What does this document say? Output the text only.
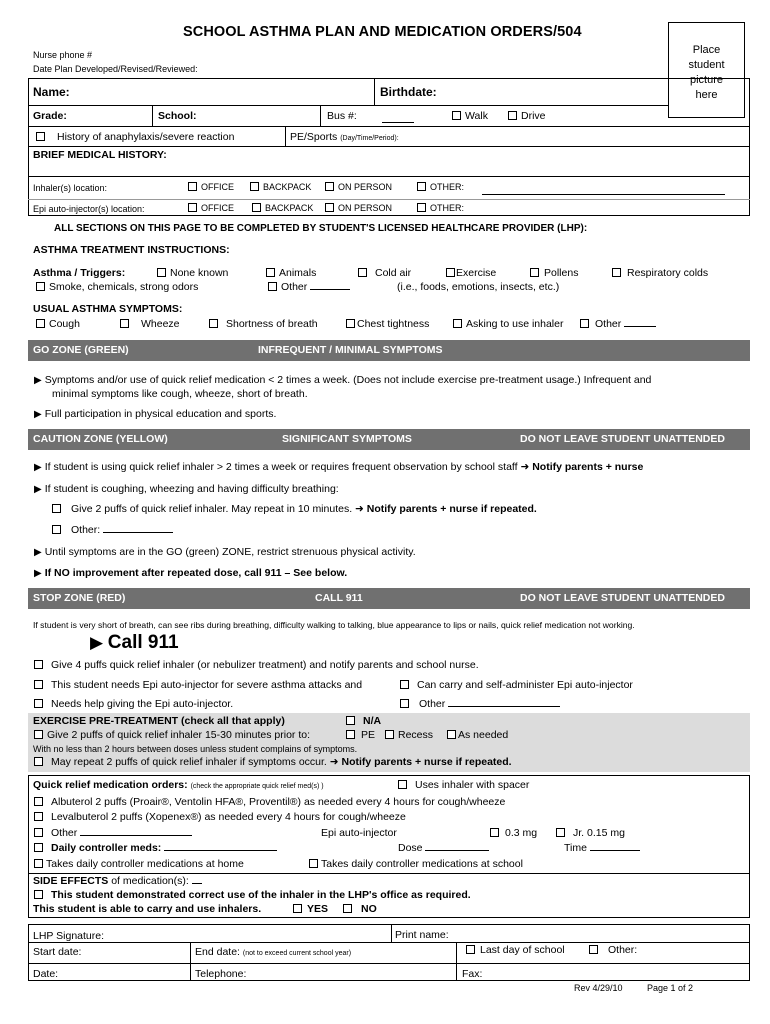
SCHOOL ASTHMA PLAN AND MEDICATION ORDERS/504
Place student picture here
Nurse phone #
Date Plan Developed/Revised/Reviewed:
Name:	Birthdate:
Grade:	School:	Bus #:	Walk	Drive
History of anaphylaxis/severe reaction	PE/Sports (Day/Time/Period):
BRIEF MEDICAL HISTORY:
Inhaler(s) location:	OFFICE	BACKPACK	ON PERSON	OTHER:
Epi auto-injector(s) location:	OFFICE	BACKPACK	ON PERSON	OTHER:
ALL SECTIONS ON THIS PAGE TO BE COMPLETED BY STUDENT'S LICENSED HEALTHCARE PROVIDER (LHP):
ASTHMA TREATMENT INSTRUCTIONS:
Asthma / Triggers:	None known	Animals	Cold air	Exercise	Pollens	Respiratory colds
Smoke, chemicals, strong odors	Other	(i.e., foods, emotions, insects, etc.)
USUAL ASTHMA SYMPTOMS:
Cough	Wheeze	Shortness of breath	Chest tightness	Asking to use inhaler	Other
GO ZONE (GREEN)	INFREQUENT / MINIMAL SYMPTOMS
▶ Symptoms and/or use of quick relief medication < 2 times a week. (Does not include exercise pre-treatment usage.) Infrequent and
minimal symptoms like cough, wheeze, short of breath.
▶ Full participation in physical education and sports.
CAUTION ZONE (YELLOW)	SIGNIFICANT SYMPTOMS	DO NOT LEAVE STUDENT UNATTENDED
▶ If student is using quick relief inhaler > 2 times a week or requires frequent observation by school staff ➜ Notify parents + nurse
▶ If student is coughing, wheezing and having difficulty breathing:
Give 2 puffs of quick relief inhaler. May repeat in 10 minutes. ➜ Notify parents + nurse if repeated.
Other:
▶ Until symptoms are in the GO (green) ZONE, restrict strenuous physical activity.
▶ If NO improvement after repeated dose, call 911 – See below.
STOP ZONE (RED)	CALL 911	DO NOT LEAVE STUDENT UNATTENDED
If student is very short of breath, can see ribs during breathing, difficulty walking to talking, blue appearance to lips or nails, quick relief medication not working.
▶ Call 911
Give 4 puffs quick relief inhaler (or nebulizer treatment) and notify parents and school nurse.
This student needs Epi auto-injector for severe asthma attacks and	Can carry and self-administer Epi auto-injector
Needs help giving the Epi auto-injector.	Other
EXERCISE PRE-TREATMENT (check all that apply)	N/A
Give 2 puffs of quick relief inhaler 15-30 minutes prior to:	PE	Recess	As needed
With no less than 2 hours between doses unless student complains of symptoms.
May repeat 2 puffs of quick relief inhaler if symptoms occur. ➜ Notify parents + nurse if repeated.
Quick relief medication orders: (check the appropriate quick relief med(s) )	Uses inhaler with spacer
Albuterol 2 puffs (Proair®, Ventolin HFA®, Proventil®) as needed every 4 hours for cough/wheeze
Levalbuterol 2 puffs (Xopenex®) as needed every 4 hours for cough/wheeze
Other	Epi auto-injector	0.3 mg	Jr. 0.15 mg
Daily controller meds:	Dose	Time
Takes daily controller medications at home	Takes daily controller medications at school
SIDE EFFECTS of medication(s):
This student demonstrated correct use of the inhaler in the LHP's office as required.
This student is able to carry and use inhalers.	YES	NO
LHP Signature:	Print name:
Start date:	End date: (not to exceed current school year)	Last day of school	Other:
Date:	Telephone:	Fax:
Rev 4/29/10	Page 1 of 2
